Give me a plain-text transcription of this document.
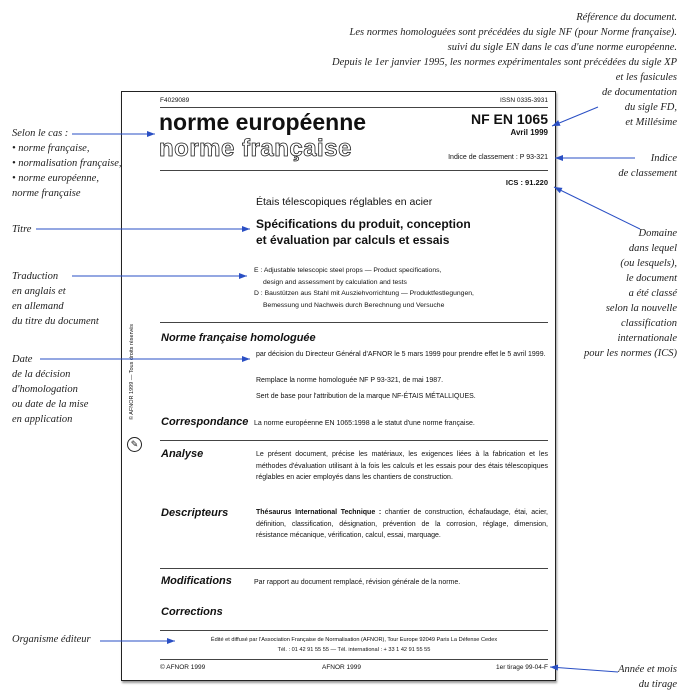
Référence du document.
Les normes homologuées sont précédées du sigle NF (pour Norme française).
suivi du sigle EN dans le cas d'une norme européenne.
Depuis le 1er janvier 1995, les normes expérimentales sont précédées du sigle XP
et les fasicules
de documentation
du sigle FD,
et Millésime
Selon le cas :
• norme française,
• normalisation française,
• norme européenne,
norme française
Titre
Traduction
en anglais et
en allemand
du titre du document
Date
de la décision
d'homologation
ou date de la mise
en application
Organisme éditeur
Indice
de classement
Domaine
dans lequel
(ou lesquels),
le document
a été classé
selon la nouvelle
classification
internationale
pour les normes (ICS)
Année et mois
du tirage
F4029089	ISSN 0335-3931
norme européenne
norme française
NF EN 1065
Avril 1999
Indice de classement : P 93-321
ICS : 91.220
Étais télescopiques réglables en acier
Spécifications du produit, conception
et évaluation par calculs et essais
E : Adjustable telescopic steel props — Product specifications,
design and assessment by calculation and tests
D : Baustützen aus Stahl mit Ausziehvorrichtung — Produktfestlegungen,
Bemessung und Nachweis durch Berechnung und Versuche
© AFNOR 1999 — Tous droits réservés
✎
Norme française homologuée
par décision du Directeur Général d'AFNOR le 5 mars 1999 pour prendre effet le 5 avril 1999.
Remplace la norme homologuée NF P 93-321, de mai 1987.
Sert de base pour l'attribution de la marque NF-ÉTAIS MÉTALLIQUES.
Correspondance La norme européenne EN 1065:1998 a le statut d'une norme française.
Analyse	Le présent document, précise les matériaux, les exigences liées à la fabrication et les méthodes d'évaluation utilisant à la fois les calculs et les essais pour des étais télescopiques réglables en acier employés dans les chantiers de construction.
Descripteurs	Thésaurus International Technique : chantier de construction, échafaudage, étai, acier, définition, classification, désignation, prévention de la corrosion, réglage, dimension, résistance mécanique, vérification, calcul, essai, marquage.
Modifications	Par rapport au document remplacé, révision générale de la norme.
Corrections
Édité et diffusé par l'Association Française de Normalisation (AFNOR), Tour Europe 92049 Paris La Défense Cedex
Tél. : 01 42 91 55 55 — Tél. international : + 33 1 42 91 55 55
© AFNOR 1999	AFNOR 1999	1er tirage 99-04-F
